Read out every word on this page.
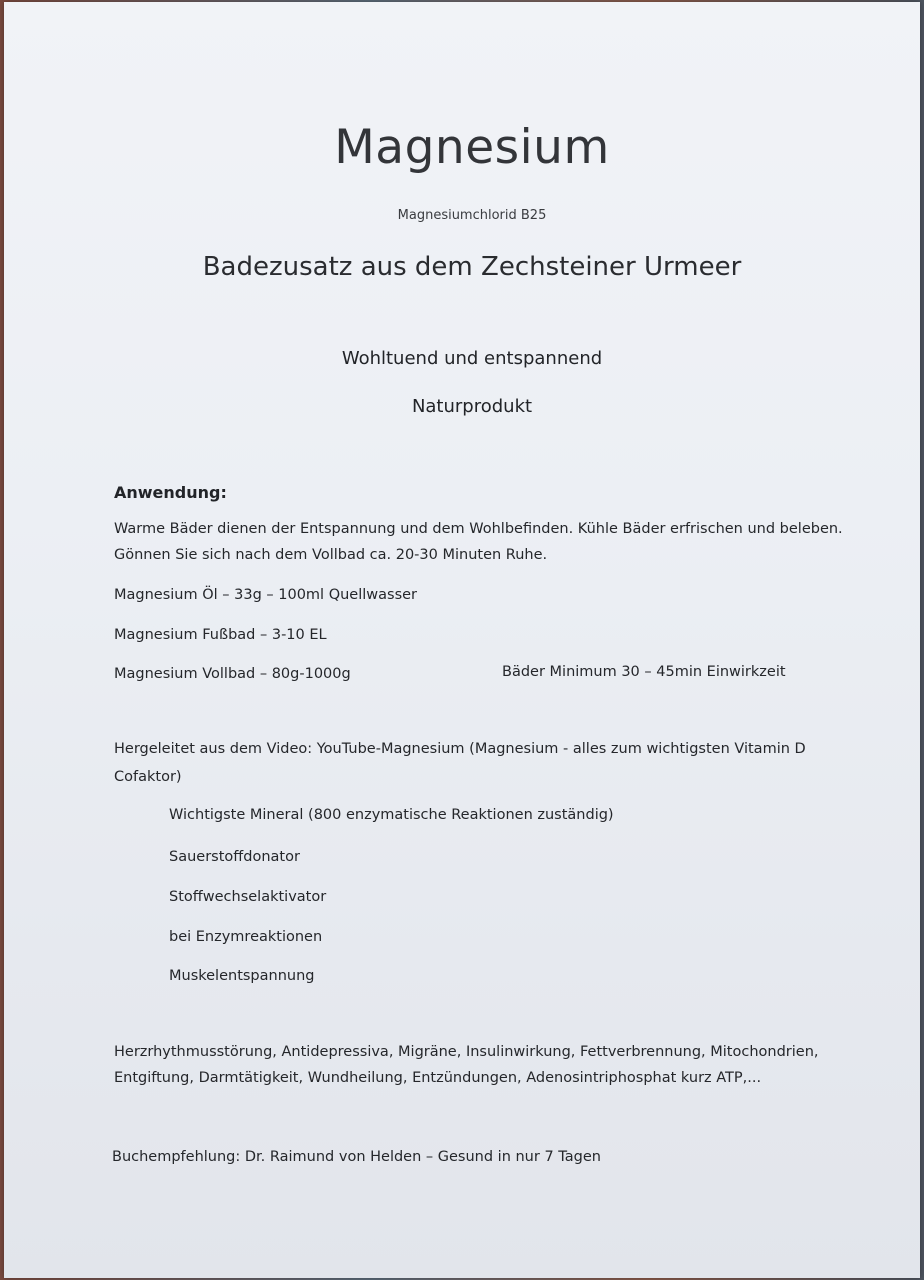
Magnesium
Magnesiumchlorid B25
Badezusatz aus dem Zechsteiner Urmeer
Wohltuend und entspannend
Naturprodukt
Anwendung:
Warme Bäder dienen der Entspannung und dem Wohlbefinden. Kühle Bäder erfrischen und beleben.
Gönnen Sie sich nach dem Vollbad ca. 20-30 Minuten Ruhe.
Magnesium Öl – 33g – 100ml Quellwasser
Magnesium Fußbad – 3-10 EL
Magnesium Vollbad – 80g-1000g	Bäder Minimum 30 – 45min Einwirkzeit
Hergeleitet aus dem Video: YouTube-Magnesium (Magnesium - alles zum wichtigsten Vitamin D
Cofaktor)
Wichtigste Mineral (800 enzymatische Reaktionen zuständig)
Sauerstoffdonator
Stoffwechselaktivator
bei Enzymreaktionen
Muskelentspannung
Herzrhythmusstörung, Antidepressiva, Migräne, Insulinwirkung, Fettverbrennung, Mitochondrien,
Entgiftung, Darmtätigkeit, Wundheilung, Entzündungen, Adenosintriphosphat kurz ATP,...
Buchempfehlung: Dr. Raimund von Helden – Gesund in nur 7 Tagen
